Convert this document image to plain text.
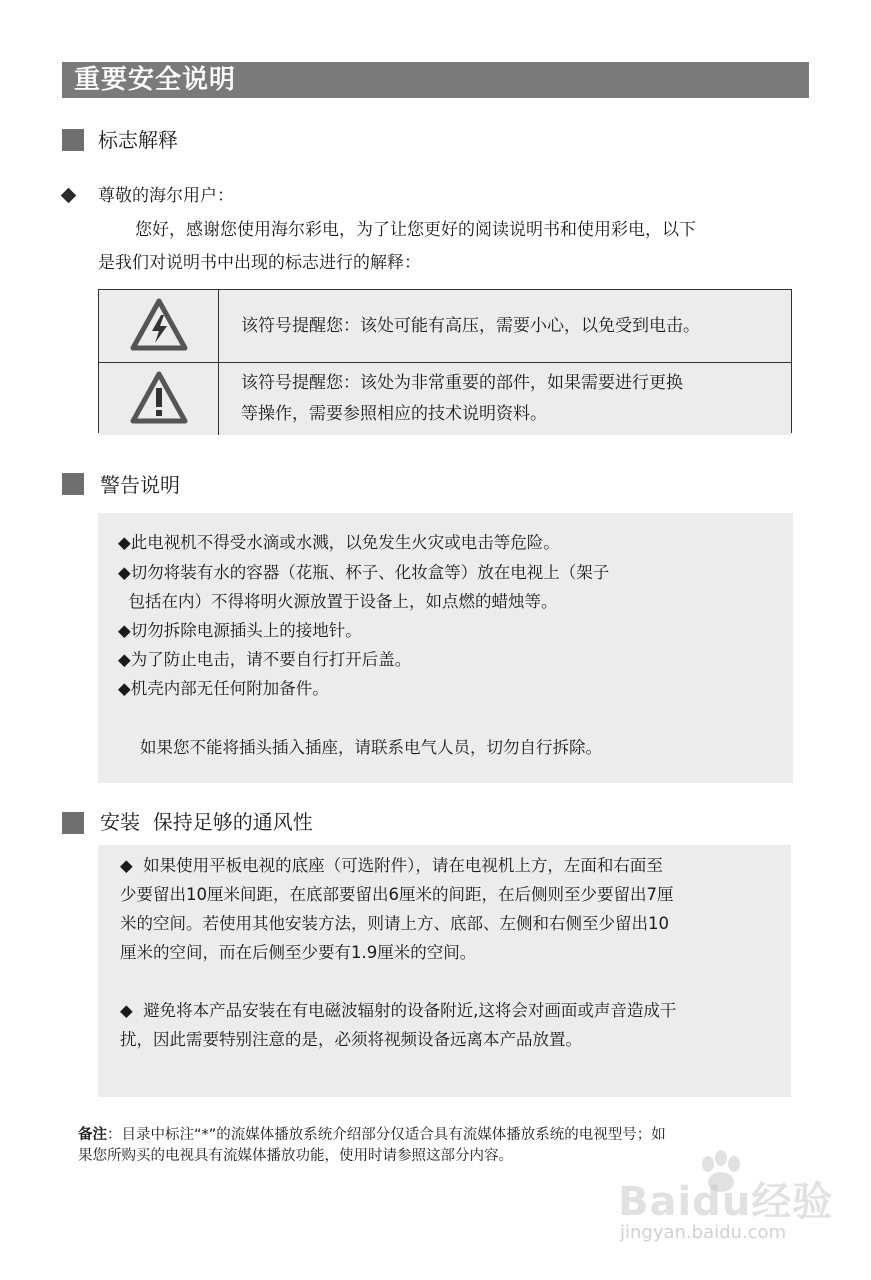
重要安全说明
标志解释
尊敬的海尔用户：
您好，感谢您使用海尔彩电，为了让您更好的阅读说明书和使用彩电，以下
是我们对说明书中出现的标志进行的解释：
该符号提醒您：该处可能有高压，需要小心，以免受到电击。
该符号提醒您：该处为非常重要的部件，如果需要进行更换
等操作，需要参照相应的技术说明资料。
警告说明
◆此电视机不得受水滴或水溅，以免发生火灾或电击等危险。
◆切勿将装有水的容器（花瓶、杯子、化妆盒等）放在电视上（架子
包括在内）不得将明火源放置于设备上，如点燃的蜡烛等。
◆切勿拆除电源插头上的接地针。
◆为了防止电击，请不要自行打开后盖。
◆机壳内部无任何附加备件。
如果您不能将插头插入插座，请联系电气人员，切勿自行拆除。
安装  保持足够的通风性
◆  如果使用平板电视的底座（可选附件），请在电视机上方，左面和右面至
少要留出10厘米间距，在底部要留出6厘米的间距，在后侧则至少要留出7厘
米的空间。若使用其他安装方法，则请上方、底部、左侧和右侧至少留出10
厘米的空间，而在后侧至少要有1.9厘米的空间。
◆  避免将本产品安装在有电磁波辐射的设备附近,这将会对画面或声音造成干
扰，因此需要特别注意的是，必须将视频设备远离本产品放置。
备注：目录中标注“*”的流媒体播放系统介绍部分仅适合具有流媒体播放系统的电视型号；如
果您所购买的电视具有流媒体播放功能，使用时请参照这部分内容。
Baidu经验
jingyan.baidu.com
